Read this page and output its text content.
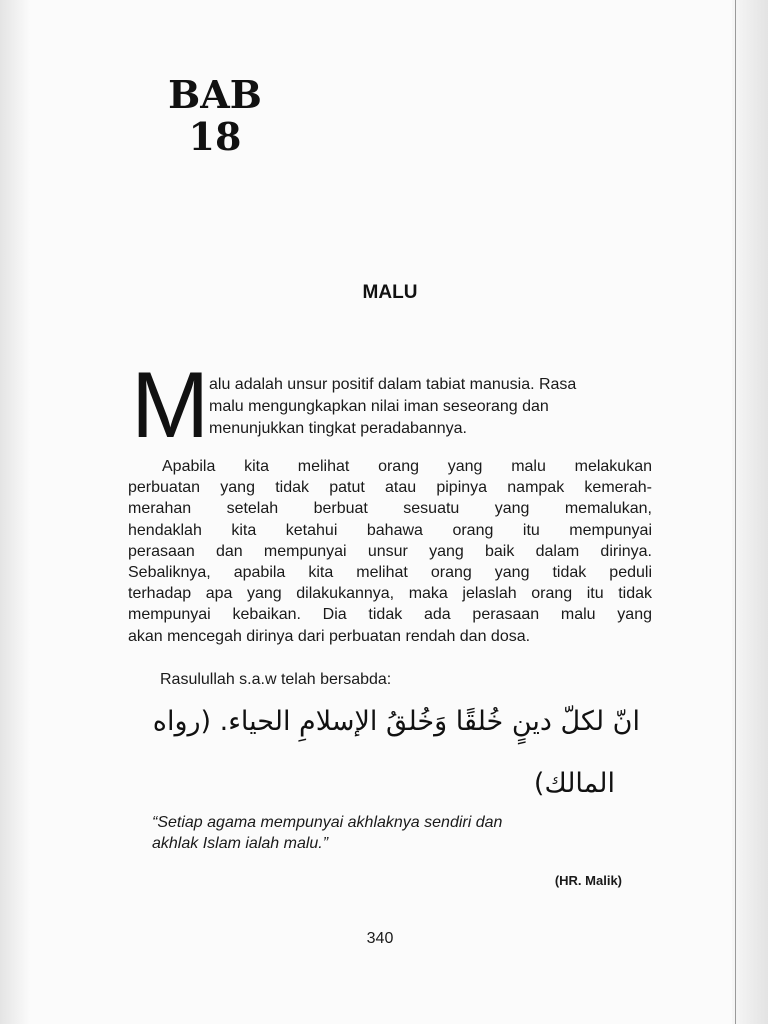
BAB
18
MALU
M alu adalah unsur positif dalam tabiat manusia. Rasa
malu mengungkapkan nilai iman seseorang dan
menunjukkan tingkat peradabannya.
Apabila kita melihat orang yang malu melakukan
perbuatan yang tidak patut atau pipinya nampak kemerah-
merahan setelah berbuat sesuatu yang memalukan,
hendaklah kita ketahui bahawa orang itu mempunyai
perasaan dan mempunyai unsur yang baik dalam dirinya.
Sebaliknya, apabila kita melihat orang yang tidak peduli
terhadap apa yang dilakukannya, maka jelaslah orang itu tidak
mempunyai kebaikan. Dia tidak ada perasaan malu yang
akan mencegah dirinya dari perbuatan rendah dan dosa.
Rasulullah s.a.w telah bersabda:
انّ لكلّ دينٍ خُلقًا وَخُلقُ الإسلامِ الحياء. (رواه
المالك)
“Setiap agama mempunyai akhlaknya sendiri dan
akhlak Islam ialah malu.”
(HR. Malik)
340
